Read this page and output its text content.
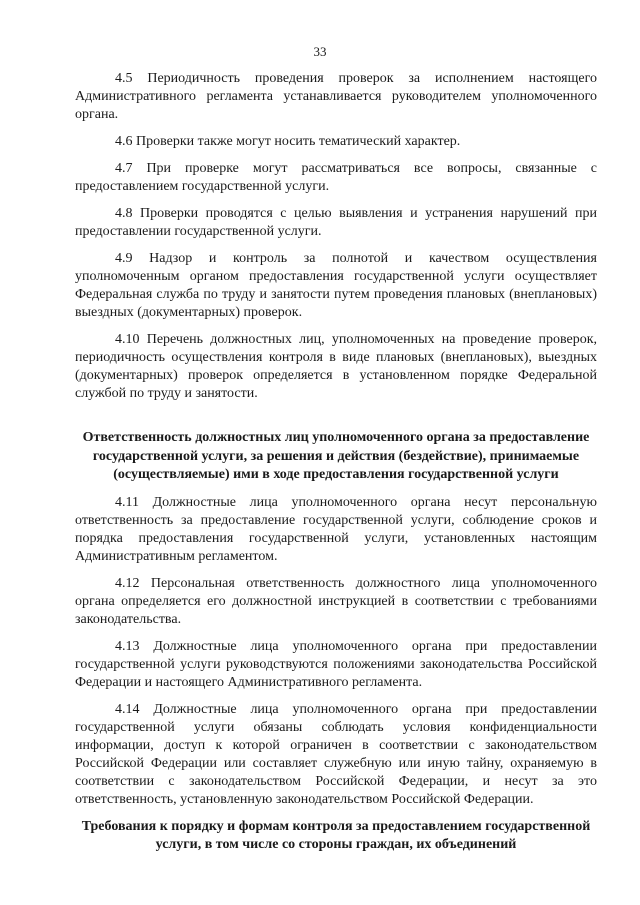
33

4.5 Периодичность проведения проверок за исполнением настоящего Административного регламента устанавливается руководителем уполномоченного органа.

4.6 Проверки также могут носить тематический характер.

4.7 При проверке могут рассматриваться все вопросы, связанные с предоставлением государственной услуги.

4.8 Проверки проводятся с целью выявления и устранения нарушений при предоставлении государственной услуги.

4.9 Надзор и контроль за полнотой и качеством осуществления уполномоченным органом предоставления государственной услуги осуществляет Федеральная служба по труду и занятости путем проведения плановых (внеплановых) выездных (документарных) проверок.

4.10 Перечень должностных лиц, уполномоченных на проведение проверок, периодичность осуществления контроля в виде плановых (внеплановых), выездных (документарных) проверок определяется в установленном порядке Федеральной службой по труду и занятости.

Ответственность должностных лиц уполномоченного органа за предоставление государственной услуги, за решения и действия (бездействие), принимаемые (осуществляемые) ими в ходе предоставления государственной услуги

4.11 Должностные лица уполномоченного органа несут персональную ответственность за предоставление государственной услуги, соблюдение сроков и порядка предоставления государственной услуги, установленных настоящим Административным регламентом.

4.12 Персональная ответственность должностного лица уполномоченного органа определяется его должностной инструкцией в соответствии с требованиями законодательства.

4.13 Должностные лица уполномоченного органа при предоставлении государственной услуги руководствуются положениями законодательства Российской Федерации и настоящего Административного регламента.

4.14 Должностные лица уполномоченного органа при предоставлении государственной услуги обязаны соблюдать условия конфиденциальности информации, доступ к которой ограничен в соответствии с законодательством Российской Федерации или составляет служебную или иную тайну, охраняемую в соответствии с законодательством Российской Федерации, и несут за это ответственность, установленную законодательством Российской Федерации.

Требования к порядку и формам контроля за предоставлением государственной услуги, в том числе со стороны граждан, их объединений
